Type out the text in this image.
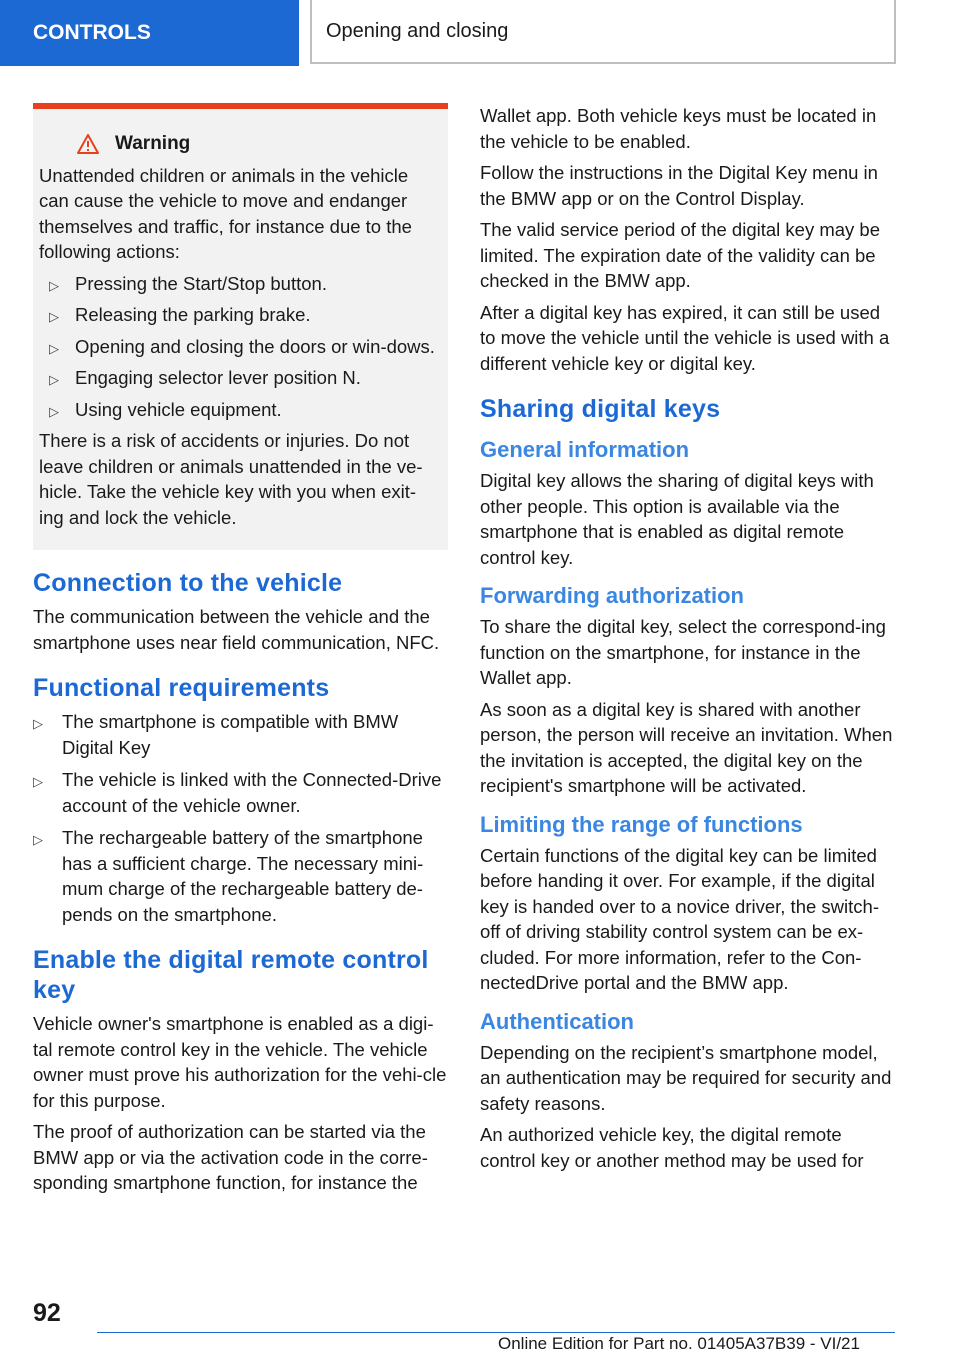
CONTROLS	Opening and closing
Warning

Unattended children or animals in the vehicle can cause the vehicle to move and endanger themselves and traffic, for instance due to the following actions:

▷ Pressing the Start/Stop button.
▷ Releasing the parking brake.
▷ Opening and closing the doors or win-dows.
▷ Engaging selector lever position N.
▷ Using vehicle equipment.

There is a risk of accidents or injuries. Do not leave children or animals unattended in the ve-hicle. Take the vehicle key with you when exit-ing and lock the vehicle.

Connection to the vehicle

The communication between the vehicle and the smartphone uses near field communication, NFC.

Functional requirements
▷ The smartphone is compatible with BMW Digital Key
▷ The vehicle is linked with the Connected-Drive account of the vehicle owner.
▷ The rechargeable battery of the smartphone has a sufficient charge. The necessary mini-mum charge of the rechargeable battery de-pends on the smartphone.
Enable the digital remote control key

Vehicle owner's smartphone is enabled as a digi-tal remote control key in the vehicle. The vehicle owner must prove his authorization for the vehi-cle for this purpose.

The proof of authorization can be started via the BMW app or via the activation code in the corre-sponding smartphone function, for instance the

Wallet app. Both vehicle keys must be located in the vehicle to be enabled.

Follow the instructions in the Digital Key menu in the BMW app or on the Control Display.

The valid service period of the digital key may be limited. The expiration date of the validity can be checked in the BMW app.

After a digital key has expired, it can still be used to move the vehicle until the vehicle is used with a different vehicle key or digital key.

Sharing digital keys
General information

Digital key allows the sharing of digital keys with other people. This option is available via the smartphone that is enabled as digital remote control key.

Forwarding authorization

To share the digital key, select the correspond-ing function on the smartphone, for instance in the Wallet app.

As soon as a digital key is shared with another person, the person will receive an invitation. When the invitation is accepted, the digital key on the recipient's smartphone will be activated.

Limiting the range of functions

Certain functions of the digital key can be limited before handing it over. For example, if the digital key is handed over to a novice driver, the switch-off of driving stability control system can be ex-cluded. For more information, refer to the Con-nectedDrive portal and the BMW app.

Authentication

Depending on the recipient’s smartphone model, an authentication may be required for security and safety reasons.

An authorized vehicle key, the digital remote control key or another method may be used for

92
Online Edition for Part no. 01405A37B39 - VI/21
